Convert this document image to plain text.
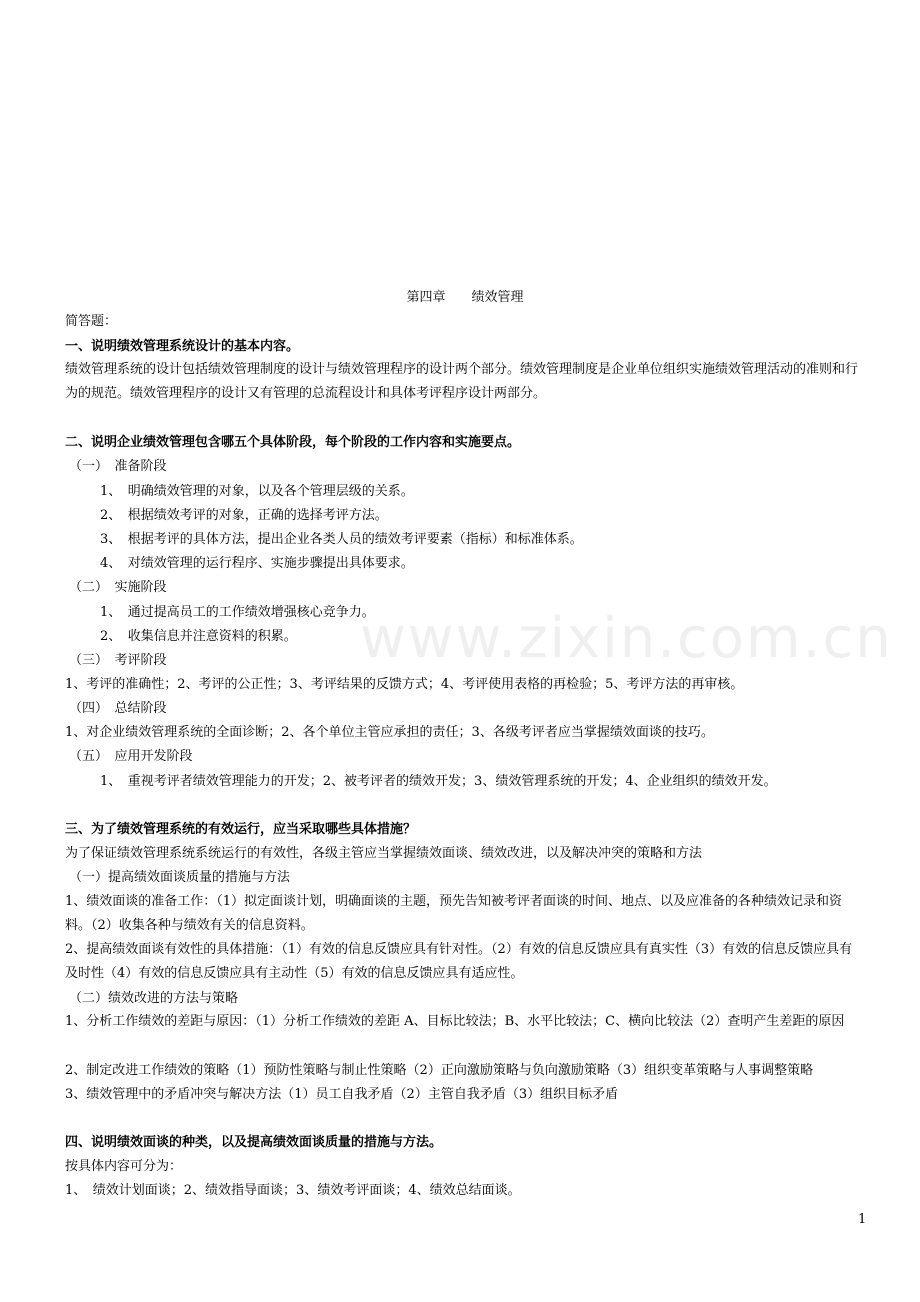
第四章 绩效管理
简答题：
一、说明绩效管理系统设计的基本内容。
绩效管理系统的设计包括绩效管理制度的设计与绩效管理程序的设计两个部分。绩效管理制度是企业单位组织实施绩效管理活动的准则和行为的规范。绩效管理程序的设计又有管理的总流程设计和具体考评程序设计两部分。
二、说明企业绩效管理包含哪五个具体阶段，每个阶段的工作内容和实施要点。
（一）　准备阶段
1、　明确绩效管理的对象，以及各个管理层级的关系。
2、　根据绩效考评的对象，正确的选择考评方法。
3、　根据考评的具体方法，提出企业各类人员的绩效考评要素（指标）和标准体系。
4、　对绩效管理的运行程序、实施步骤提出具体要求。
（二）　实施阶段
1、　通过提高员工的工作绩效增强核心竞争力。
2、　收集信息并注意资料的积累。
（三）　考评阶段
1、考评的准确性；2、考评的公正性；3、考评结果的反馈方式；4、考评使用表格的再检验；5、考评方法的再审核。
（四）　总结阶段
1、对企业绩效管理系统的全面诊断；2、各个单位主管应承担的责任；3、各级考评者应当掌握绩效面谈的技巧。
（五）　应用开发阶段
1、　重视考评者绩效管理能力的开发；2、被考评者的绩效开发；3、绩效管理系统的开发；4、企业组织的绩效开发。
三、为了绩效管理系统的有效运行，应当采取哪些具体措施？
为了保证绩效管理系统系统运行的有效性，各级主管应当掌握绩效面谈、绩效改进，以及解决冲突的策略和方法
（一）提高绩效面谈质量的措施与方法
1、绩效面谈的准备工作：（1）拟定面谈计划，明确面谈的主题，预先告知被考评者面谈的时间、地点、以及应准备的各种绩效记录和资料。（2）收集各种与绩效有关的信息资料。
2、提高绩效面谈有效性的具体措施：（1）有效的信息反馈应具有针对性。（2）有效的信息反馈应具有真实性（3）有效的信息反馈应具有及时性（4）有效的信息反馈应具有主动性（5）有效的信息反馈应具有适应性。
（二）绩效改进的方法与策略
1、分析工作绩效的差距与原因：（1）分析工作绩效的差距 A、目标比较法；B、水平比较法；C、横向比较法（2）查明产生差距的原因
2、制定改进工作绩效的策略（1）预防性策略与制止性策略（2）正向激励策略与负向激励策略（3）组织变革策略与人事调整策略
3、绩效管理中的矛盾冲突与解决方法（1）员工自我矛盾（2）主管自我矛盾（3）组织目标矛盾
四、说明绩效面谈的种类，以及提高绩效面谈质量的措施与方法。
按具体内容可分为：
1、　绩效计划面谈；2、绩效指导面谈；3、绩效考评面谈；4、绩效总结面谈。
www.zixin.com.cn
1
